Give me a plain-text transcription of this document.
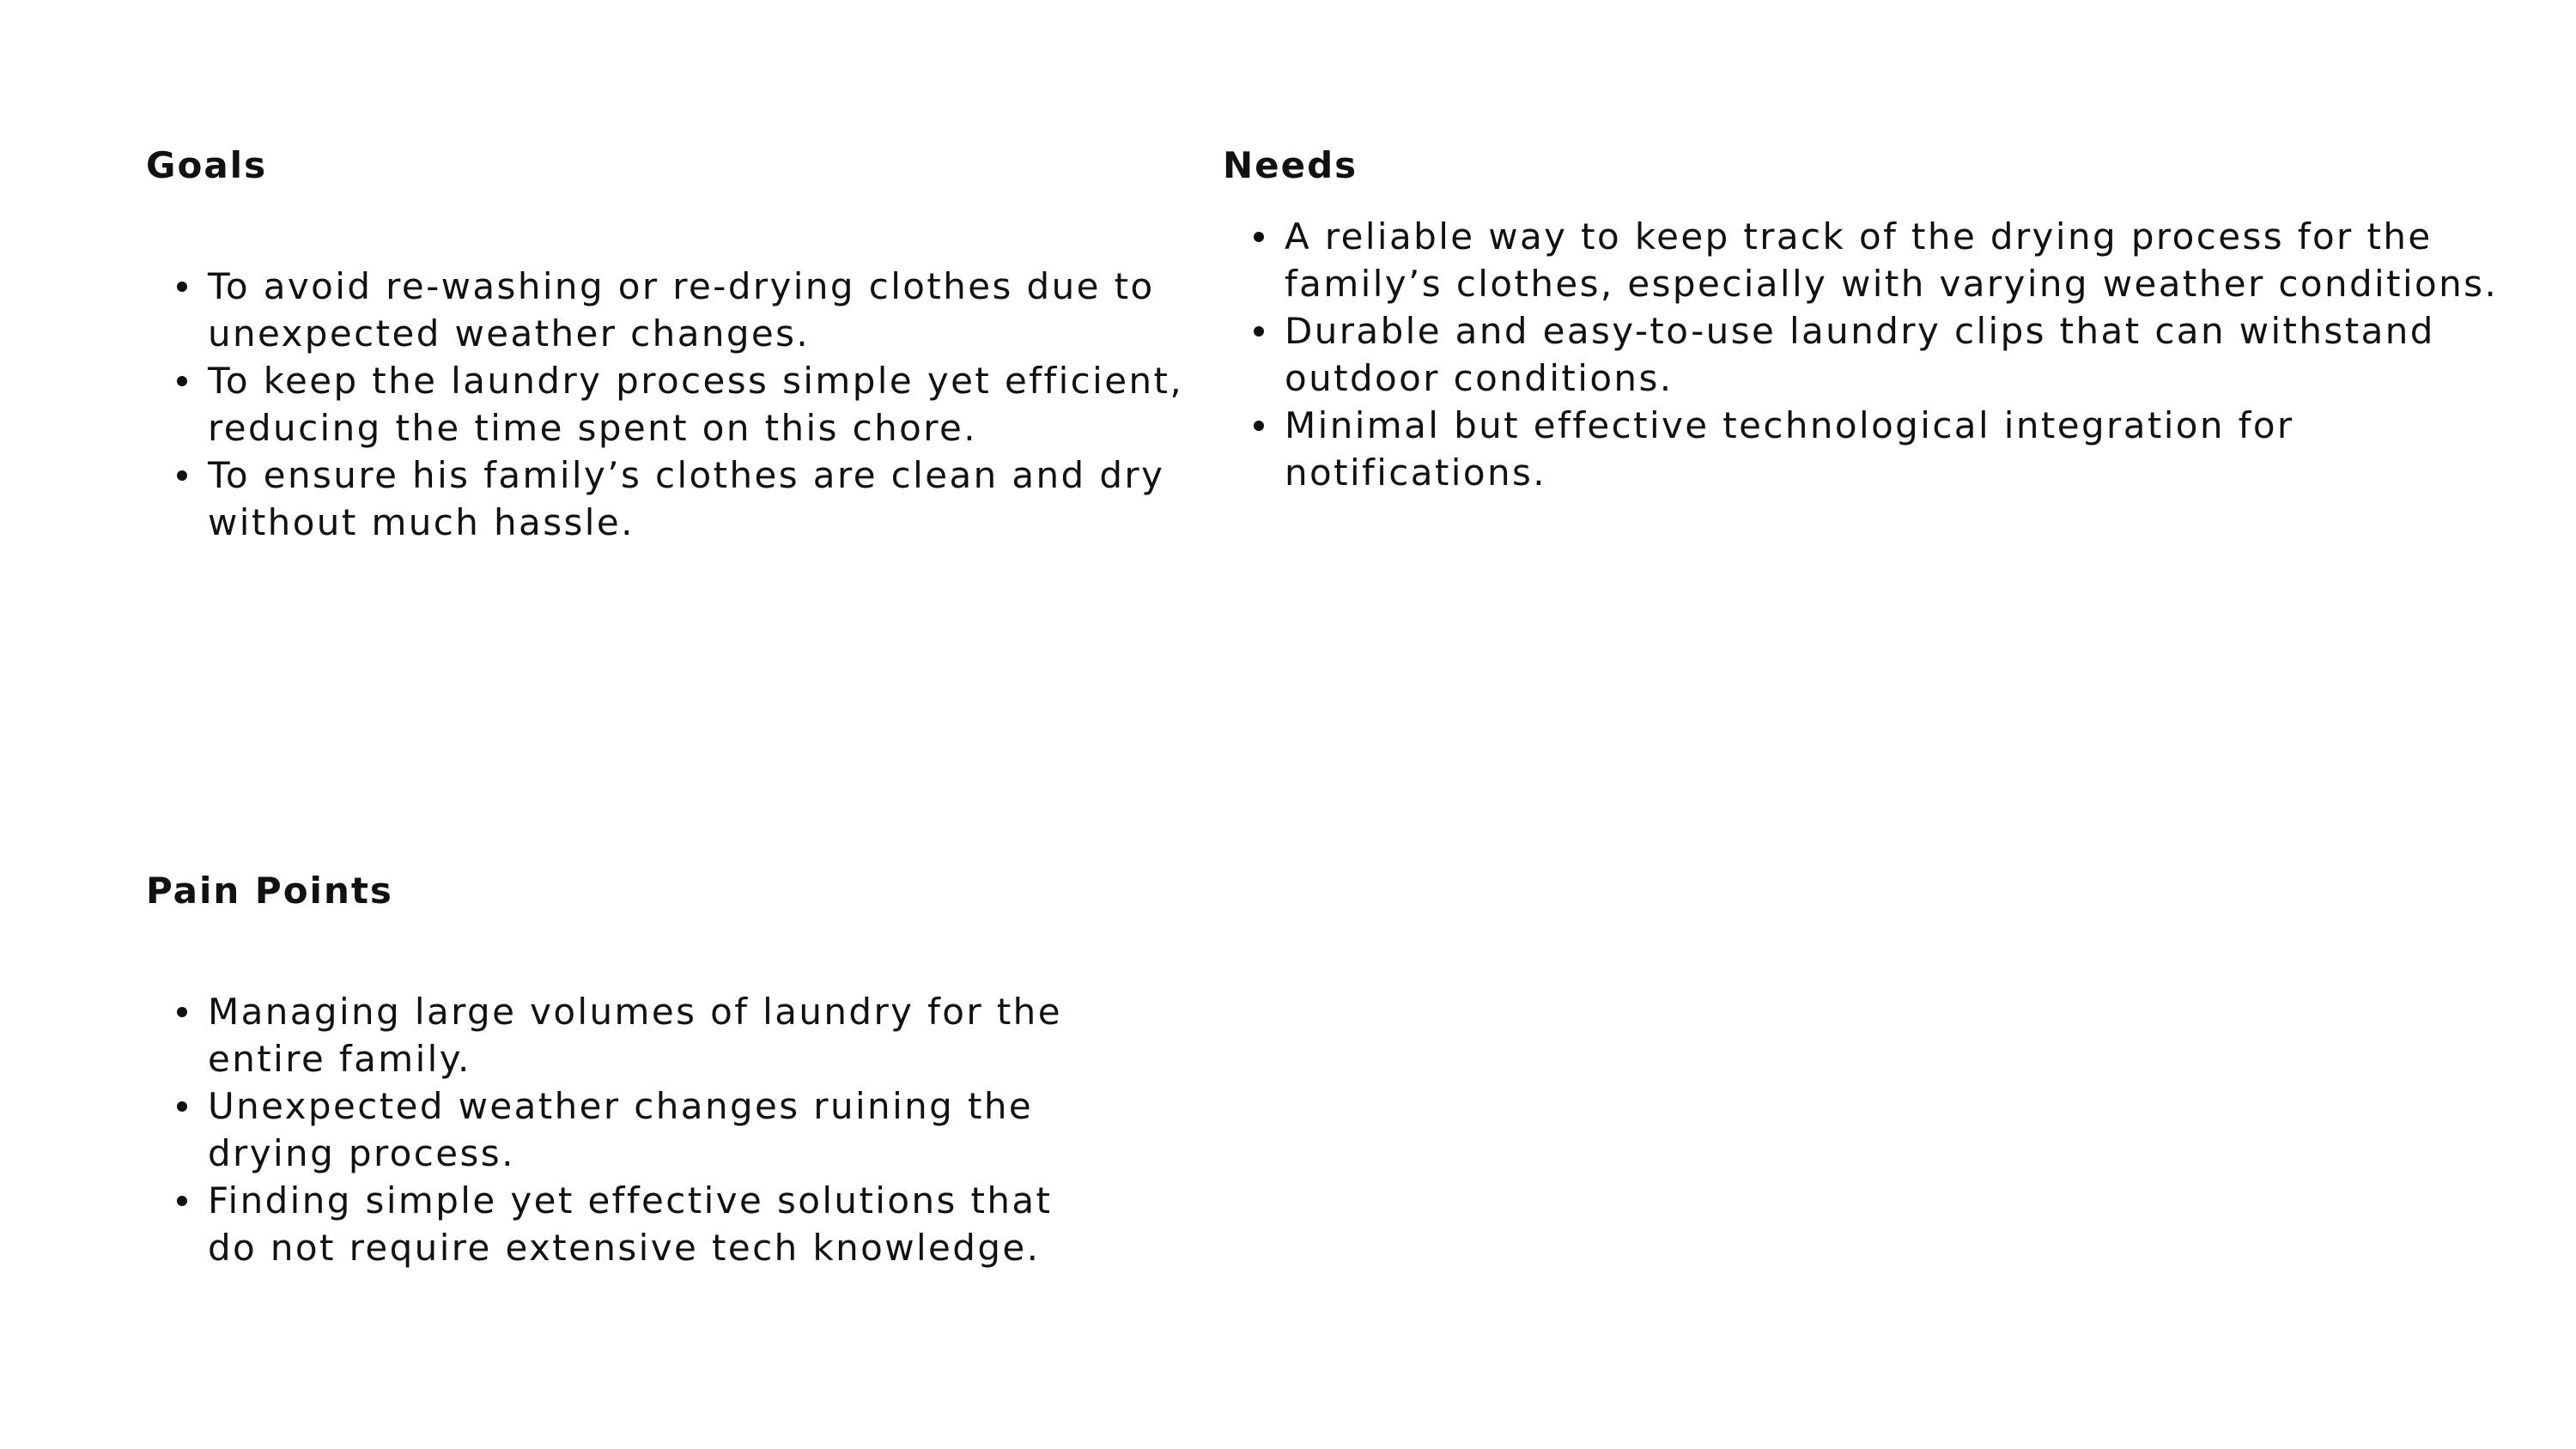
Goals
To avoid re-washing or re-drying clothes due to
unexpected weather changes.
To keep the laundry process simple yet efficient,
reducing the time spent on this chore.
To ensure his family’s clothes are clean and dry
without much hassle.
Needs
A reliable way to keep track of the drying process for the
family’s clothes, especially with varying weather conditions.
Durable and easy-to-use laundry clips that can withstand
outdoor conditions.
Minimal but effective technological integration for
notifications.
Pain Points
Managing large volumes of laundry for the
entire family.
Unexpected weather changes ruining the
drying process.
Finding simple yet effective solutions that
do not require extensive tech knowledge.
